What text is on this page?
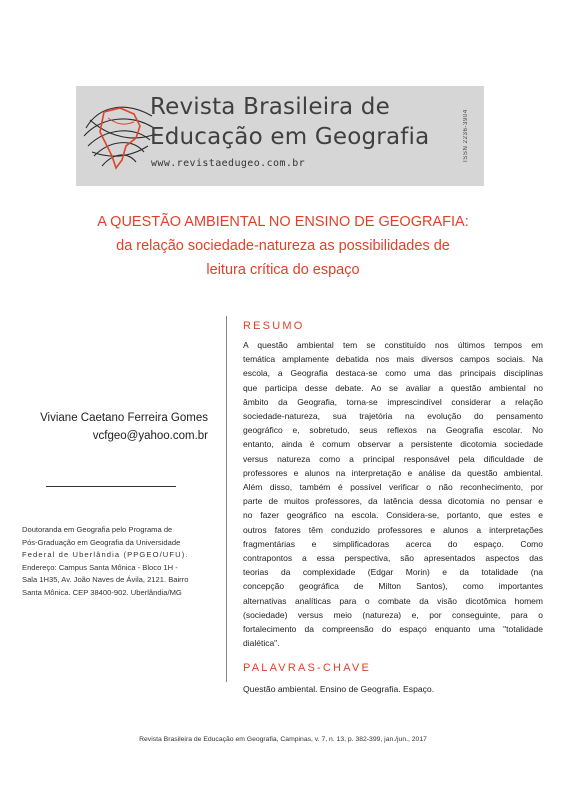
Revista Brasileira de
Educação em Geografia
www.revistaedugeo.com.br
ISSN 2236-3904
A QUESTÃO AMBIENTAL NO ENSINO DE GEOGRAFIA:
da relação sociedade-natureza as possibilidades de
leitura crítica do espaço
Viviane Caetano Ferreira Gomes
vcfgeo@yahoo.com.br
Doutoranda em Geografia pelo Programa de
Pós-Graduação em Geografia da Universidade
Federal de Uberlândia (PPGEO/UFU).
Endereço: Campus Santa Mônica - Bloco 1H -
Sala 1H35, Av. João Naves de Ávila, 2121. Bairro
Santa Mônica. CEP 38400-902. Uberlândia/MG
RESUMO
A questão ambiental tem se constituído nos últimos tempos em
temática amplamente debatida nos mais diversos campos sociais. Na
escola, a Geografia destaca-se como uma das principais disciplinas
que participa desse debate. Ao se avaliar a questão ambiental no
âmbito da Geografia, torna-se imprescindível considerar a relação
sociedade-natureza, sua trajetória na evolução do pensamento
geográfico e, sobretudo, seus reflexos na Geografia escolar. No
entanto, ainda é comum observar a persistente dicotomia sociedade
versus natureza como a principal responsável pela dificuldade de
professores e alunos na interpretação e análise da questão ambiental.
Além disso, também é possível verificar o não reconhecimento, por
parte de muitos professores, da latência dessa dicotomia no pensar e
no fazer geográfico na escola. Considera-se, portanto, que estes e
outros fatores têm conduzido professores e alunos a interpretações
fragmentárias e simplificadoras acerca do espaço. Como
contrapontos a essa perspectiva, são apresentados aspectos das
teorias da complexidade (Edgar Morin) e da totalidade (na
concepção geográfica de Milton Santos), como importantes
alternativas analíticas para o combate da visão dicotômica homem
(sociedade) versus meio (natureza) e, por conseguinte, para o
fortalecimento da compreensão do espaço enquanto uma "totalidade
dialética".
PALAVRAS-CHAVE
Questão ambiental. Ensino de Geografia. Espaço.
Revista Brasileira de Educação em Geografia, Campinas, v. 7, n. 13, p. 382-399, jan./jun., 2017
